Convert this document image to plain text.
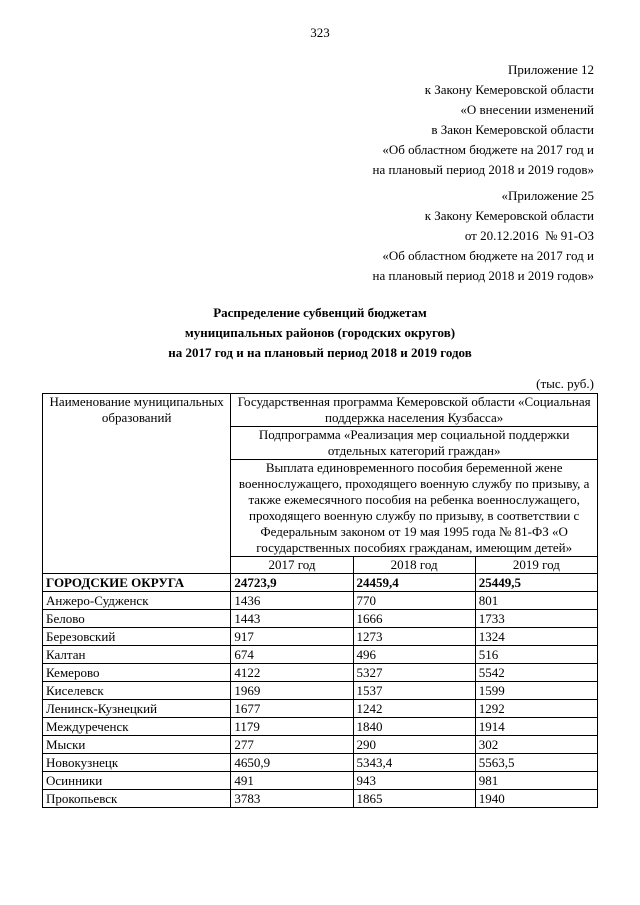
323
Приложение 12
к Закону Кемеровской области
«О внесении изменений
в Закон Кемеровской области
«Об областном бюджете на 2017 год и
на плановый период 2018 и 2019 годов»
«Приложение 25
к Закону Кемеровской области
от 20.12.2016  № 91-ОЗ
«Об областном бюджете на 2017 год и
на плановый период 2018 и 2019 годов»
Распределение субвенций бюджетам
муниципальных районов (городских округов)
на 2017 год и на плановый период 2018 и 2019 годов
(тыс. руб.)
Наименование муниципальных образований	Государственная программа Кемеровской области «Социальная поддержка населения Кузбасса»		
	Подпрограмма «Реализация мер социальной поддержки отдельных категорий граждан»		
	Выплата единовременного пособия беременной жене военнослужащего, проходящего военную службу по призыву, а также ежемесячного пособия на ребенка военнослужащего, проходящего военную службу по призыву, в соответствии с Федеральным законом от 19 мая 1995 года № 81-ФЗ «О государственных пособиях гражданам, имеющим детей»		
	2017 год	2018 год	2019 год
ГОРОДСКИЕ ОКРУГА	24723,9	24459,4	25449,5
Анжеро-Судженск	1436	770	801
Белово	1443	1666	1733
Березовский	917	1273	1324
Калтан	674	496	516
Кемерово	4122	5327	5542
Киселевск	1969	1537	1599
Ленинск-Кузнецкий	1677	1242	1292
Междуреченск	1179	1840	1914
Мыски	277	290	302
Новокузнецк	4650,9	5343,4	5563,5
Осинники	491	943	981
Прокопьевск	3783	1865	1940
